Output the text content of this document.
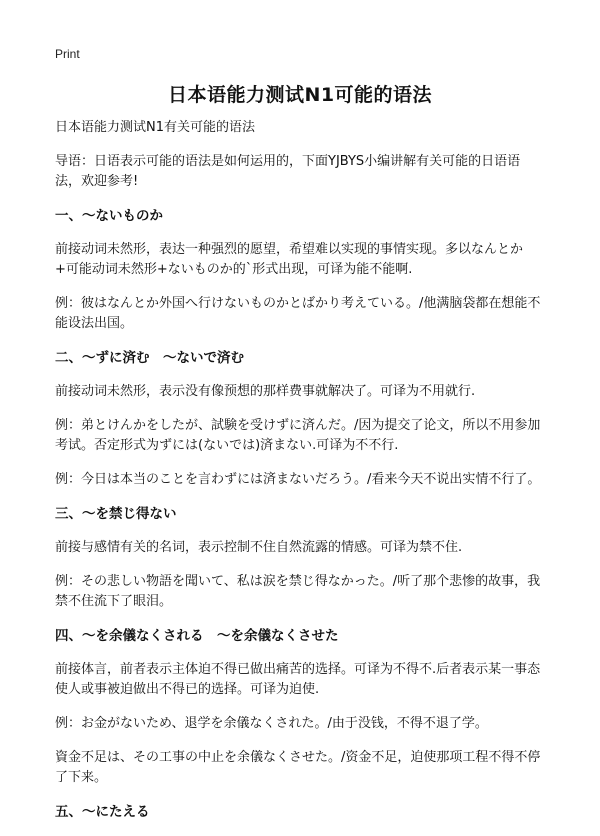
Print
日本语能力测试N1可能的语法
日本语能力测试N1有关可能的语法
导语：日语表示可能的语法是如何运用的，下面YJBYS小编讲解有关可能的日语语法，欢迎参考!
一、～ないものか
前接动词未然形，表达一种强烈的愿望，希望难以实现的事情实现。多以なんとか+可能动词未然形+ないものか的`形式出现，可译为能不能啊.
例：彼はなんとか外国へ行けないものかとばかり考えている。/他满脑袋都在想能不能设法出国。
二、～ずに済む　～ないで済む
前接动词未然形，表示没有像预想的那样费事就解决了。可译为不用就行.
例：弟とけんかをしたが、試験を受けずに済んだ。/因为提交了论文，所以不用参加考试。否定形式为ずには(ないでは)済まない.可译为不不行.
例：今日は本当のことを言わずには済まないだろう。/看来今天不说出实情不行了。
三、～を禁じ得ない
前接与感情有关的名词，表示控制不住自然流露的情感。可译为禁不住.
例：その悲しい物語を聞いて、私は涙を禁じ得なかった。/听了那个悲惨的故事，我禁不住流下了眼泪。
四、～を余儀なくされる　～を余儀なくさせた
前接体言，前者表示主体迫不得已做出痛苦的选择。可译为不得不.后者表示某一事态使人或事被迫做出不得已的选择。可译为迫使.
例：お金がないため、退学を余儀なくされた。/由于没钱，不得不退了学。
資金不足は、その工事の中止を余儀なくさせた。/资金不足，迫使那项工程不得不停了下来。
五、～にたえる
